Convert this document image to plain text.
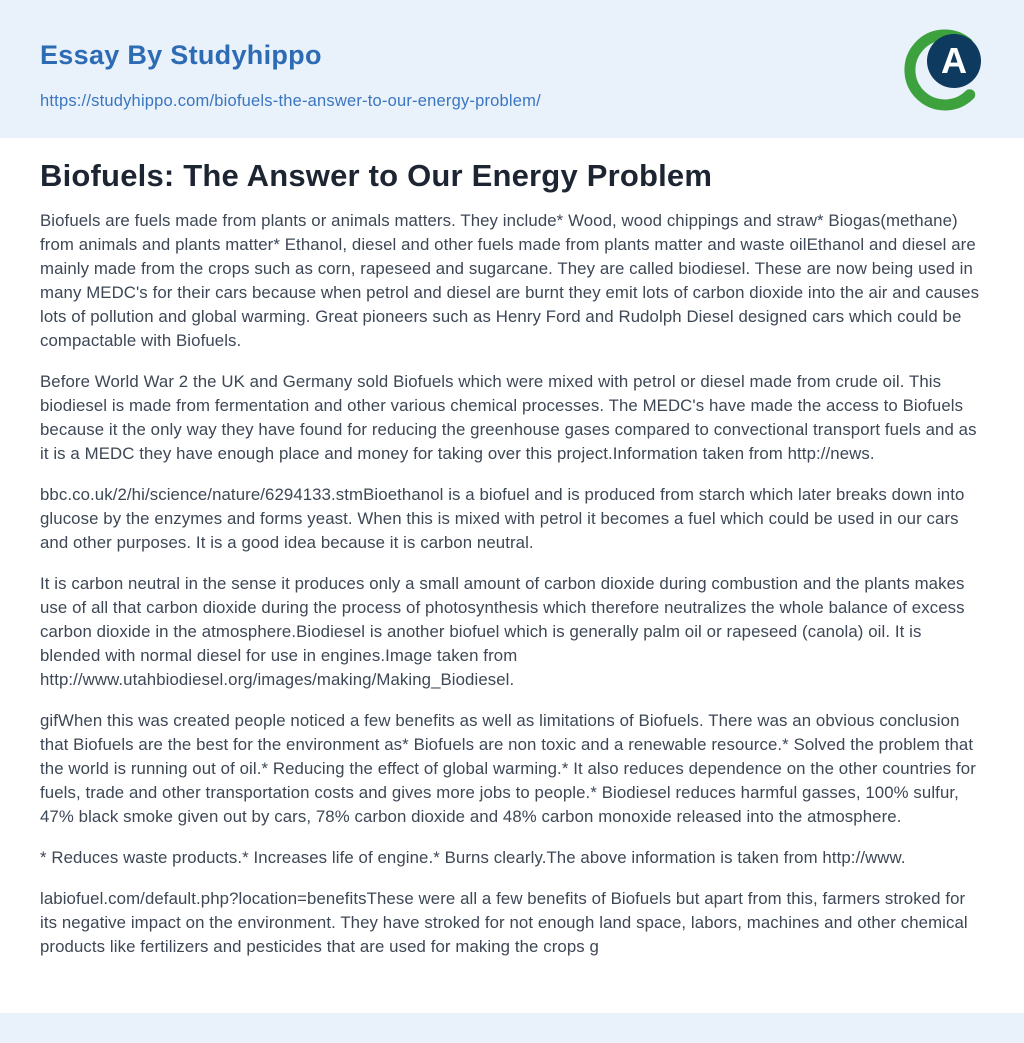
Essay By Studyhippo
https://studyhippo.com/biofuels-the-answer-to-our-energy-problem/
A
Biofuels: The Answer to Our Energy Problem

Biofuels are fuels made from plants or animals matters. They include* Wood, wood chippings and straw* Biogas(methane) from animals and plants matter* Ethanol, diesel and other fuels made from plants matter and waste oilEthanol and diesel are mainly made from the crops such as corn, rapeseed and sugarcane. They are called biodiesel. These are now being used in many MEDC's for their cars because when petrol and diesel are burnt they emit lots of carbon dioxide into the air and causes lots of pollution and global warming. Great pioneers such as Henry Ford and Rudolph Diesel designed cars which could be compactable with Biofuels.

Before World War 2 the UK and Germany sold Biofuels which were mixed with petrol or diesel made from crude oil. This biodiesel is made from fermentation and other various chemical processes. The MEDC's have made the access to Biofuels because it the only way they have found for reducing the greenhouse gases compared to convectional transport fuels and as it is a MEDC they have enough place and money for taking over this project.Information taken from http://news.

bbc.co.uk/2/hi/science/nature/6294133.stmBioethanol is a biofuel and is produced from starch which later breaks down into glucose by the enzymes and forms yeast. When this is mixed with petrol it becomes a fuel which could be used in our cars and other purposes. It is a good idea because it is carbon neutral.

It is carbon neutral in the sense it produces only a small amount of carbon dioxide during combustion and the plants makes use of all that carbon dioxide during the process of photosynthesis which therefore neutralizes the whole balance of excess carbon dioxide in the atmosphere.Biodiesel is another biofuel which is generally palm oil or rapeseed (canola) oil. It is blended with normal diesel for use in engines.Image taken from http://www.utahbiodiesel.org/images/making/Making_Biodiesel.

gifWhen this was created people noticed a few benefits as well as limitations of Biofuels. There was an obvious conclusion that Biofuels are the best for the environment as* Biofuels are non toxic and a renewable resource.* Solved the problem that the world is running out of oil.* Reducing the effect of global warming.* It also reduces dependence on the other countries for fuels, trade and other transportation costs and gives more jobs to people.* Biodiesel reduces harmful gasses, 100% sulfur, 47% black smoke given out by cars, 78% carbon dioxide and 48% carbon monoxide released into the atmosphere.

* Reduces waste products.* Increases life of engine.* Burns clearly.The above information is taken from http://www.

labiofuel.com/default.php?location=benefitsThese were all a few benefits of Biofuels but apart from this, farmers stroked for its negative impact on the environment. They have stroked for not enough land space, labors, machines and other chemical products like fertilizers and pesticides that are used for making the crops g
